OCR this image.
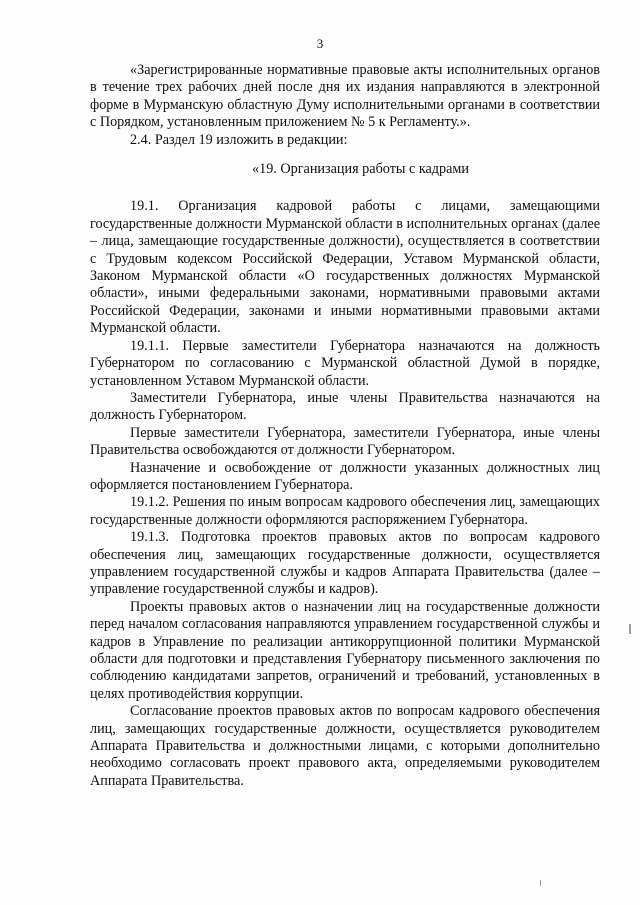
3

«Зарегистрированные нормативные правовые акты исполнительных органов в течение трех рабочих дней после дня их издания направляются в электронной форме в Мурманскую областную Думу исполнительными органами в соответствии с Порядком, установленным приложением № 5 к Регламенту.».

2.4. Раздел 19 изложить в редакции:

«19. Организация работы с кадрами

19.1. Организация кадровой работы с лицами, замещающими государственные должности Мурманской области в исполнительных органах (далее – лица, замещающие государственные должности), осуществляется в соответствии с Трудовым кодексом Российской Федерации, Уставом Мурманской области, Законом Мурманской области «О государственных должностях Мурманской области», иными федеральными законами, нормативными правовыми актами Российской Федерации, законами и иными нормативными правовыми актами Мурманской области.

19.1.1. Первые заместители Губернатора назначаются на должность Губернатором по согласованию с Мурманской областной Думой в порядке, установленном Уставом Мурманской области.

Заместители Губернатора, иные члены Правительства назначаются на должность Губернатором.

Первые заместители Губернатора, заместители Губернатора, иные члены Правительства освобождаются от должности Губернатором.

Назначение и освобождение от должности указанных должностных лиц оформляется постановлением Губернатора.

19.1.2. Решения по иным вопросам кадрового обеспечения лиц, замещающих государственные должности оформляются распоряжением Губернатора.

19.1.3. Подготовка проектов правовых актов по вопросам кадрового обеспечения лиц, замещающих государственные должности, осуществляется управлением государственной службы и кадров Аппарата Правительства (далее – управление государственной службы и кадров).

Проекты правовых актов о назначении лиц на государственные должности перед началом согласования направляются управлением государственной службы и кадров в Управление по реализации антикоррупционной политики Мурманской области для подготовки и представления Губернатору письменного заключения по соблюдению кандидатами запретов, ограничений и требований, установленных в целях противодействия коррупции.

Согласование проектов правовых актов по вопросам кадрового обеспечения лиц, замещающих государственные должности, осуществляется руководителем Аппарата Правительства и должностными лицами, с которыми дополнительно необходимо согласовать проект правового акта, определяемыми руководителем Аппарата Правительства.
